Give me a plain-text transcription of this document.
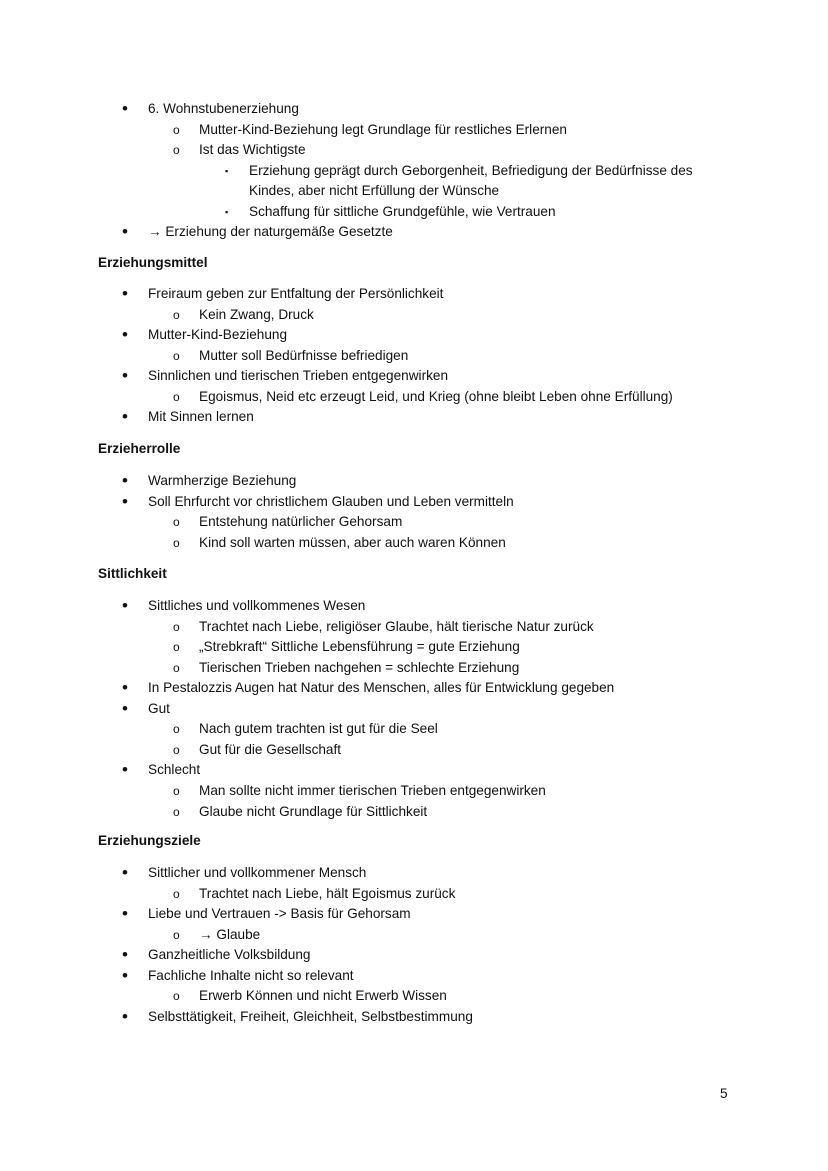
• 6. Wohnstubenerziehung
o Mutter-Kind-Beziehung legt Grundlage für restliches Erlernen
o Ist das Wichtigste
▪ Erziehung geprägt durch Geborgenheit, Befriedigung der Bedürfnisse des
Kindes, aber nicht Erfüllung der Wünsche
▪ Schaffung für sittliche Grundgefühle, wie Vertrauen
• → Erziehung der naturgemäße Gesetzte
Erziehungsmittel
• Freiraum geben zur Entfaltung der Persönlichkeit
o Kein Zwang, Druck
• Mutter-Kind-Beziehung
o Mutter soll Bedürfnisse befriedigen
• Sinnlichen und tierischen Trieben entgegenwirken
o Egoismus, Neid etc erzeugt Leid, und Krieg (ohne bleibt Leben ohne Erfüllung)
• Mit Sinnen lernen
Erzieherrolle
• Warmherzige Beziehung
• Soll Ehrfurcht vor christlichem Glauben und Leben vermitteln
o Entstehung natürlicher Gehorsam
o Kind soll warten müssen, aber auch waren Können
Sittlichkeit
• Sittliches und vollkommenes Wesen
o Trachtet nach Liebe, religiöser Glaube, hält tierische Natur zurück
o „Strebkraft“ Sittliche Lebensführung = gute Erziehung
o Tierischen Trieben nachgehen = schlechte Erziehung
• In Pestalozzis Augen hat Natur des Menschen, alles für Entwicklung gegeben
• Gut
o Nach gutem trachten ist gut für die Seel
o Gut für die Gesellschaft
• Schlecht
o Man sollte nicht immer tierischen Trieben entgegenwirken
o Glaube nicht Grundlage für Sittlichkeit
Erziehungsziele
• Sittlicher und vollkommener Mensch
o Trachtet nach Liebe, hält Egoismus zurück
• Liebe und Vertrauen -> Basis für Gehorsam
o → Glaube
• Ganzheitliche Volksbildung
• Fachliche Inhalte nicht so relevant
o Erwerb Können und nicht Erwerb Wissen
• Selbsttätigkeit, Freiheit, Gleichheit, Selbstbestimmung
5
